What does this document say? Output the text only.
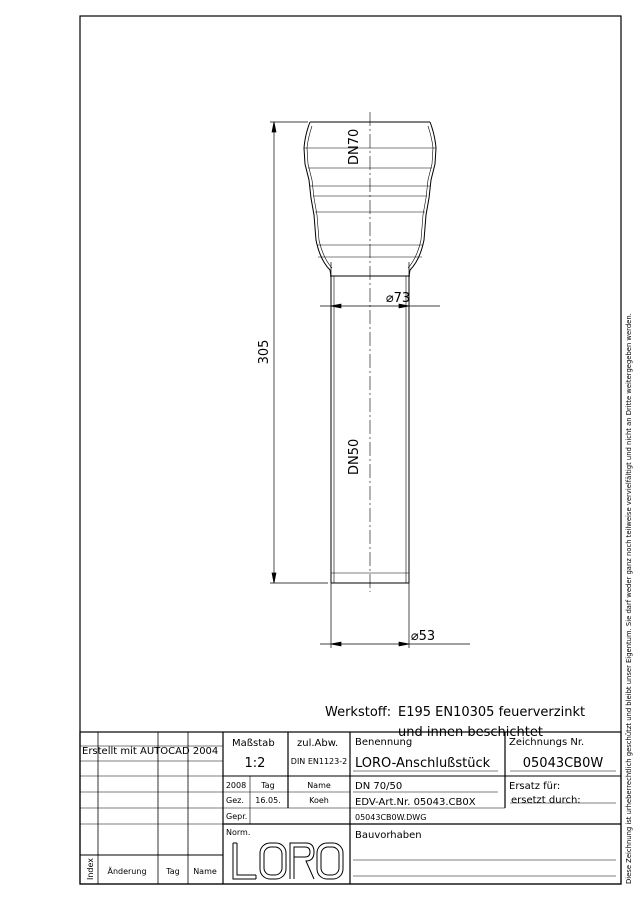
Diese Zeichnung ist urheberrechtlich geschützt und bleibt unser Eigentum. Sie darf weder ganz noch teilweise vervielfältigt und nicht an Dritte weitergegeben werden.
305
⌀73
⌀53
DN70
DN50
Werkstoff: E195 EN10305 feuerverzinkt
und innen beschichtet
Erstellt mit AUTOCAD 2004
Maßstab
1:2
zul.Abw.
DIN EN1123-2
Benennung
LORO-Anschlußstück
Zeichnungs Nr.
05043CB0W
2008 Tag	Name
Gez. 16.05.	Koeh
Gepr.
Norm.
DN 70/50	Ersatz für:
EDV-Art.Nr. 05043.CB0X	ersetzt durch:
05043CB0W.DWG
Bauvorhaben
Index Änderung Tag Name
